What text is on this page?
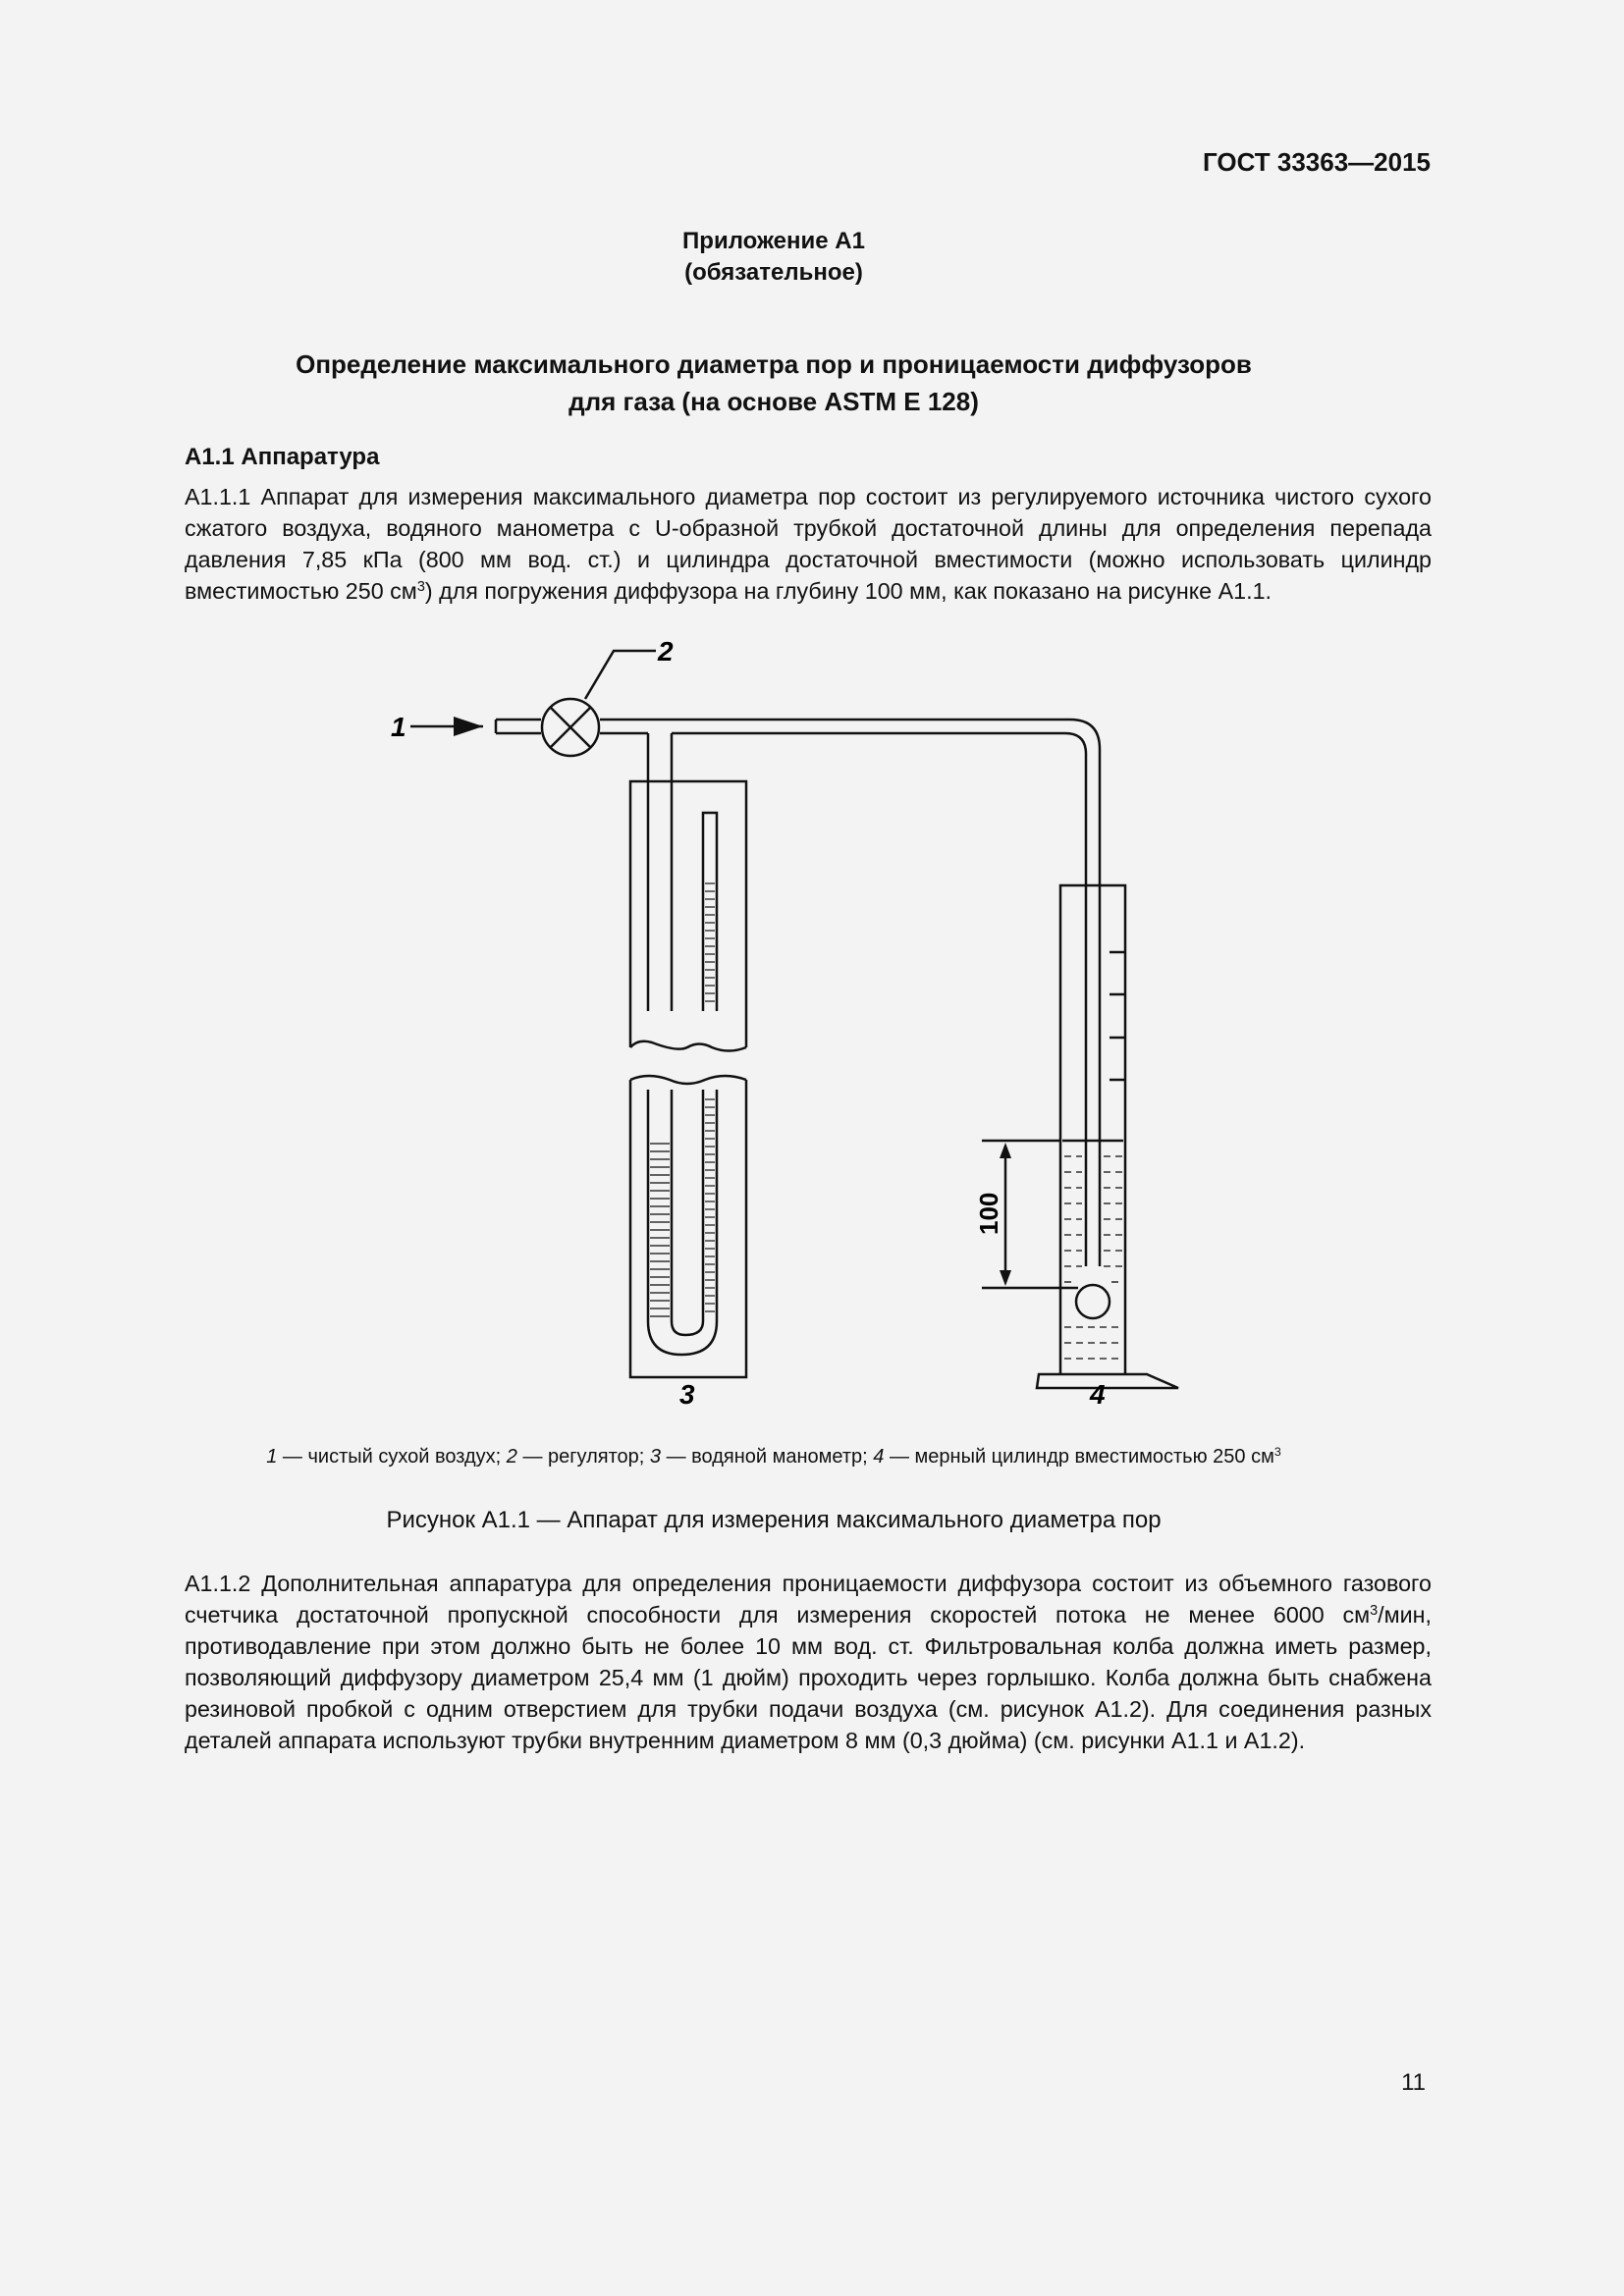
ГОСТ 33363—2015
Приложение А1
(обязательное)
Определение максимального диаметра пор и проницаемости диффузоров
для газа (на основе ASTM E 128)
А1.1 Аппаратура

А1.1.1 Аппарат для измерения максимального диаметра пор состоит из регулируемого источника чистого сухого сжатого воздуха, водяного манометра с U-образной трубкой достаточной длины для определения перепада давления 7,85 кПа (800 мм вод. ст.) и цилиндра достаточной вместимости (можно использовать цилиндр вместимостью 250 $см^3$) для погружения диффузора на глубину 100 мм, как показано на рисунке А1.1.

1
2
3	4
100
1 — чистый сухой воздух; 2 — регулятор; 3 — водяной манометр; 4 — мерный цилиндр вместимостью 250 $см^3$
Рисунок А1.1 — Аппарат для измерения максимального диаметра пор

А1.1.2 Дополнительная аппаратура для определения проницаемости диффузора состоит из объемного газового счетчика достаточной пропускной способности для измерения скоростей потока не менее 6000 $см^3$/мин, противодавление при этом должно быть не более 10 мм вод. ст. Фильтровальная колба должна иметь размер, позволяющий диффузору диаметром 25,4 мм (1 дюйм) проходить через горлышко. Колба должна быть снабжена резиновой пробкой с одним отверстием для трубки подачи воздуха (см. рисунок А1.2). Для соединения разных деталей аппарата используют трубки внутренним диаметром 8 мм (0,3 дюйма) (см. рисунки А1.1 и А1.2).

11
